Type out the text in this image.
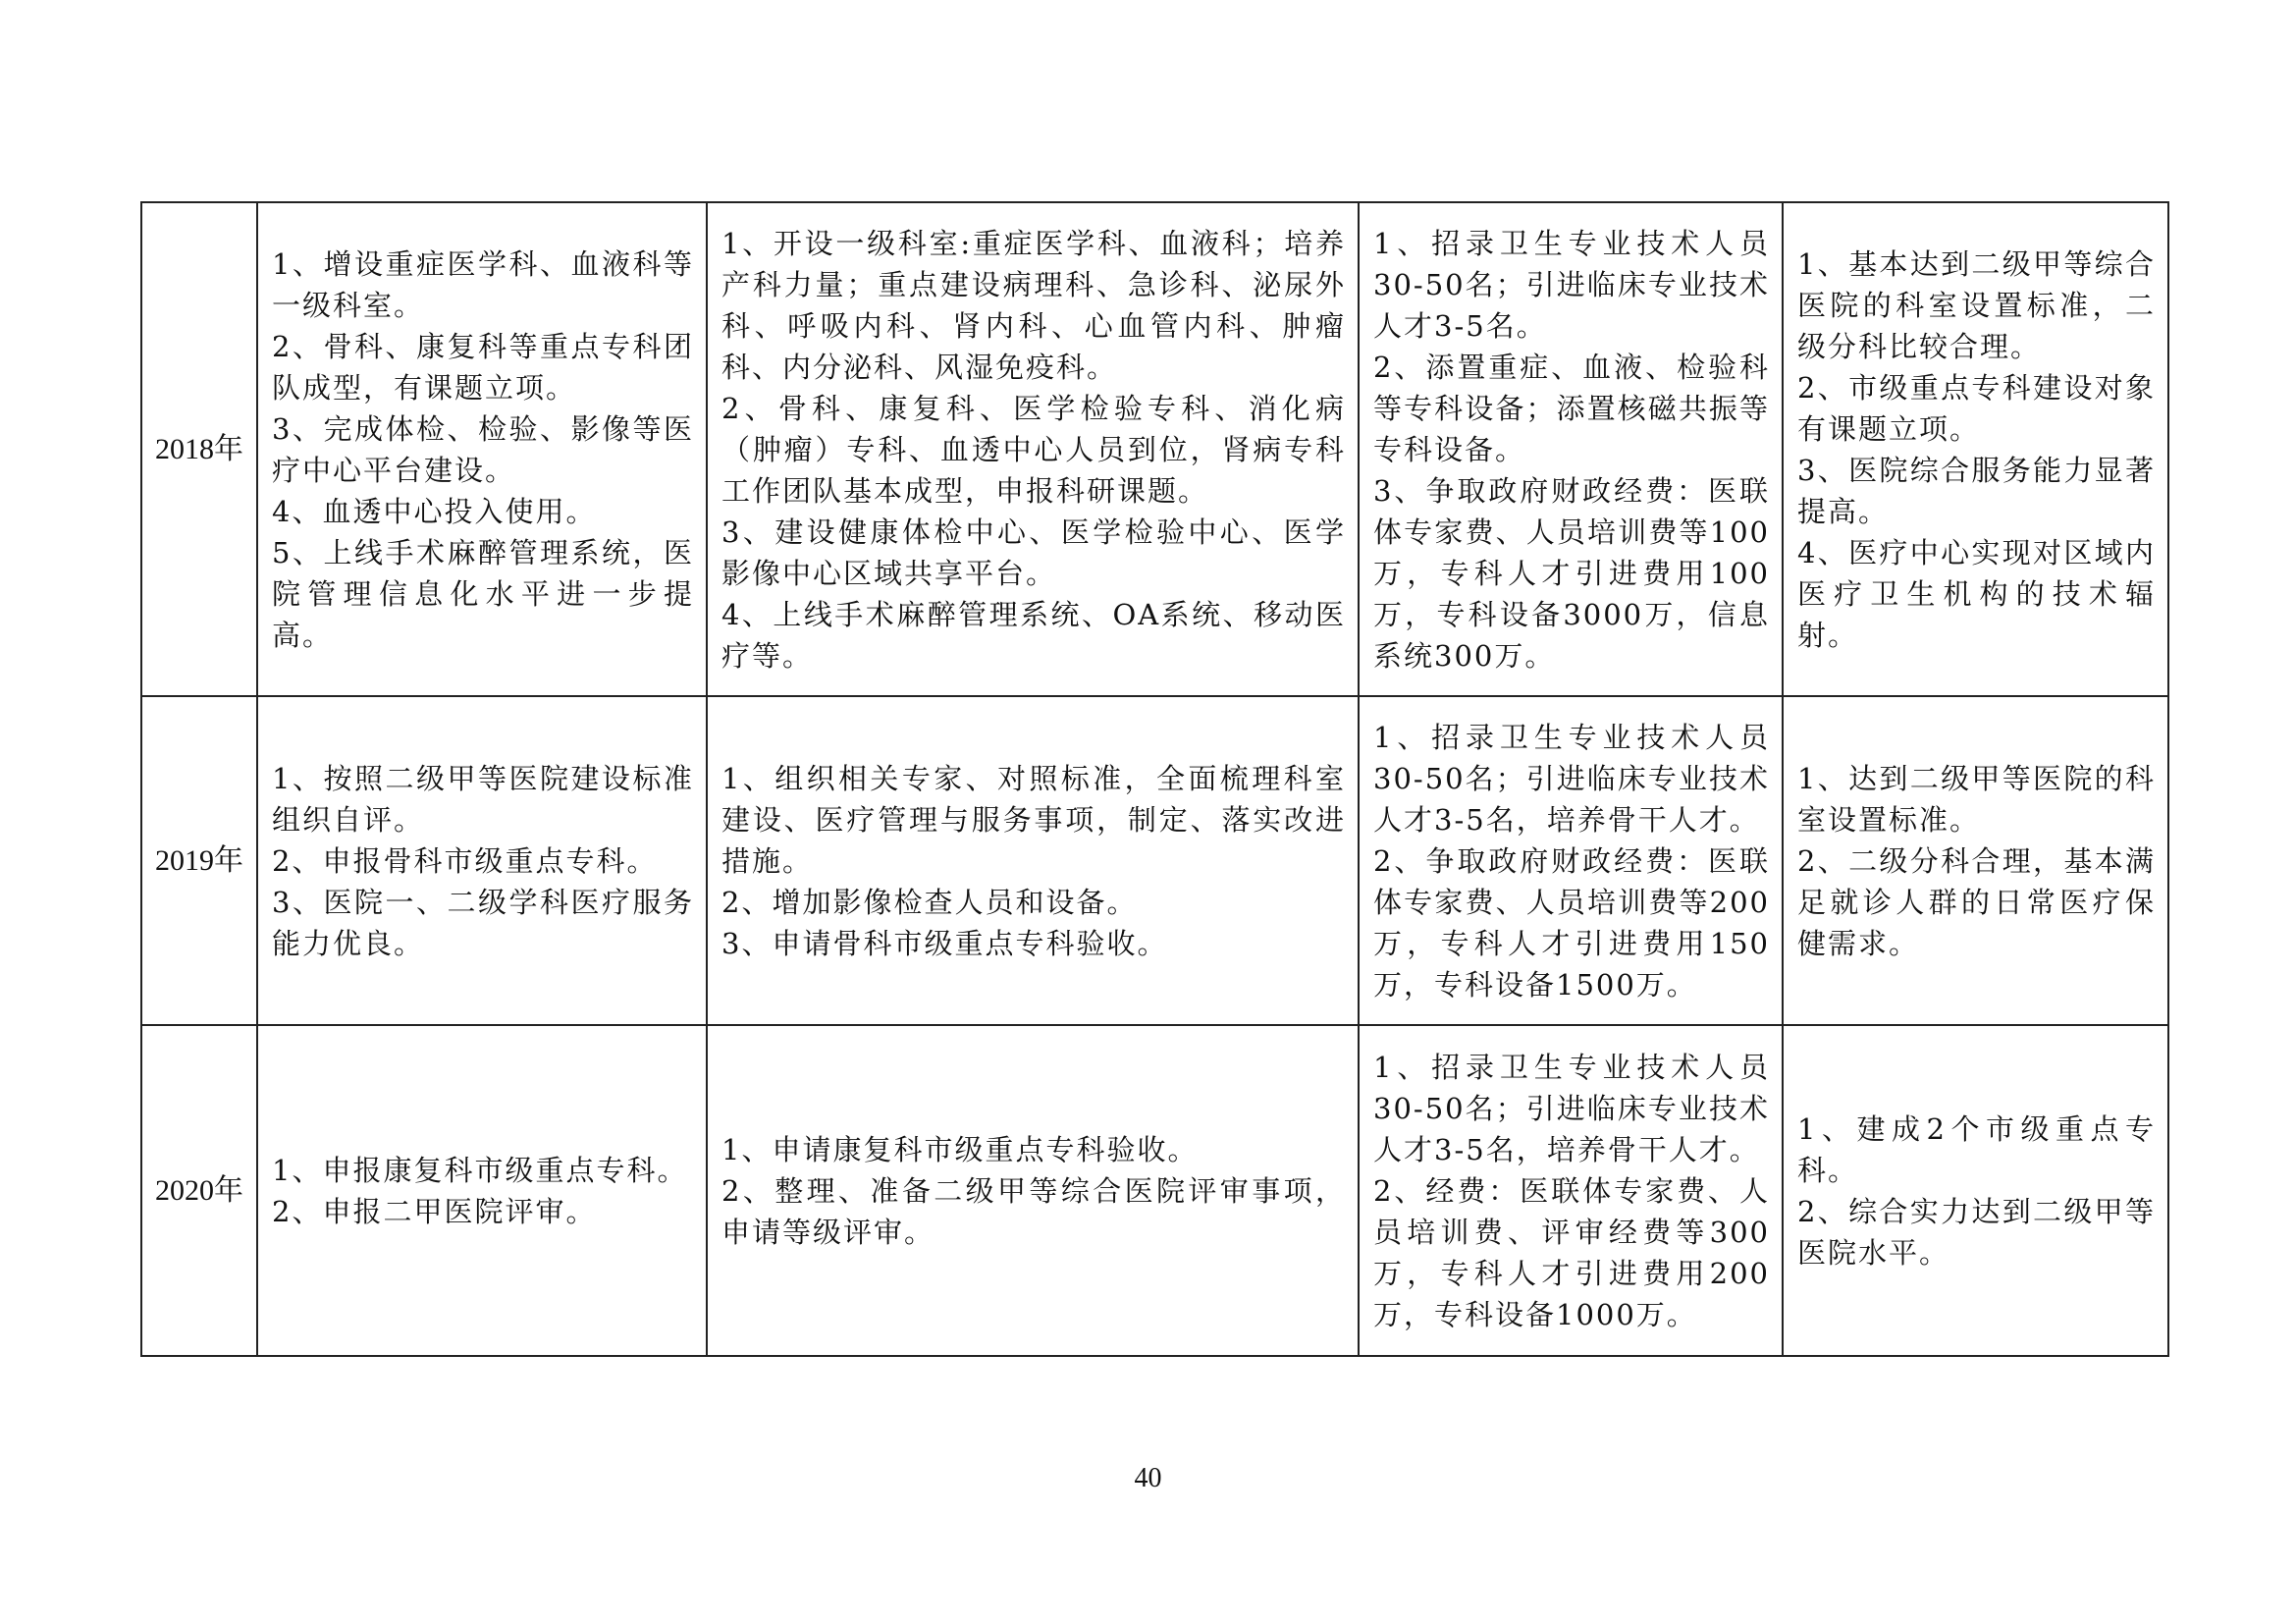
2018年	1、增设重症医学科、血液科等一级科室。
2、骨科、康复科等重点专科团队成型，有课题立项。
3、完成体检、检验、影像等医疗中心平台建设。
4、血透中心投入使用。
5、上线手术麻醉管理系统，医院管理信息化水平进一步提高。	1、开设一级科室:重症医学科、血液科；培养产科力量；重点建设病理科、急诊科、泌尿外科、呼吸内科、肾内科、心血管内科、肿瘤科、内分泌科、风湿免疫科。
2、骨科、康复科、医学检验专科、消化病（肿瘤）专科、血透中心人员到位，肾病专科工作团队基本成型，申报科研课题。
3、建设健康体检中心、医学检验中心、医学影像中心区域共享平台。
4、上线手术麻醉管理系统、OA系统、移动医疗等。	1、招录卫生专业技术人员30-50名；引进临床专业技术人才3-5名。
2、添置重症、血液、检验科等专科设备；添置核磁共振等专科设备。
3、争取政府财政经费：医联体专家费、人员培训费等100万，专科人才引进费用100万，专科设备3000万，信息系统300万。	1、基本达到二级甲等综合医院的科室设置标准，二级分科比较合理。
2、市级重点专科建设对象有课题立项。
3、医院综合服务能力显著提高。
4、医疗中心实现对区域内医疗卫生机构的技术辐射。

2019年	1、按照二级甲等医院建设标准组织自评。
2、申报骨科市级重点专科。
3、医院一、二级学科医疗服务能力优良。	1、组织相关专家、对照标准，全面梳理科室建设、医疗管理与服务事项，制定、落实改进措施。
2、增加影像检查人员和设备。
3、申请骨科市级重点专科验收。	1、招录卫生专业技术人员30-50名；引进临床专业技术人才3-5名，培养骨干人才。
2、争取政府财政经费：医联体专家费、人员培训费等200万，专科人才引进费用150万，专科设备1500万。	1、达到二级甲等医院的科室设置标准。
2、二级分科合理，基本满足就诊人群的日常医疗保健需求。

2020年	1、申报康复科市级重点专科。
2、申报二甲医院评审。	1、申请康复科市级重点专科验收。
2、整理、准备二级甲等综合医院评审事项，申请等级评审。	1、招录卫生专业技术人员30-50名；引进临床专业技术人才3-5名，培养骨干人才。
2、经费：医联体专家费、人员培训费、评审经费等300万，专科人才引进费用200万，专科设备1000万。	1、建成2个市级重点专科。
2、综合实力达到二级甲等医院水平。
40
